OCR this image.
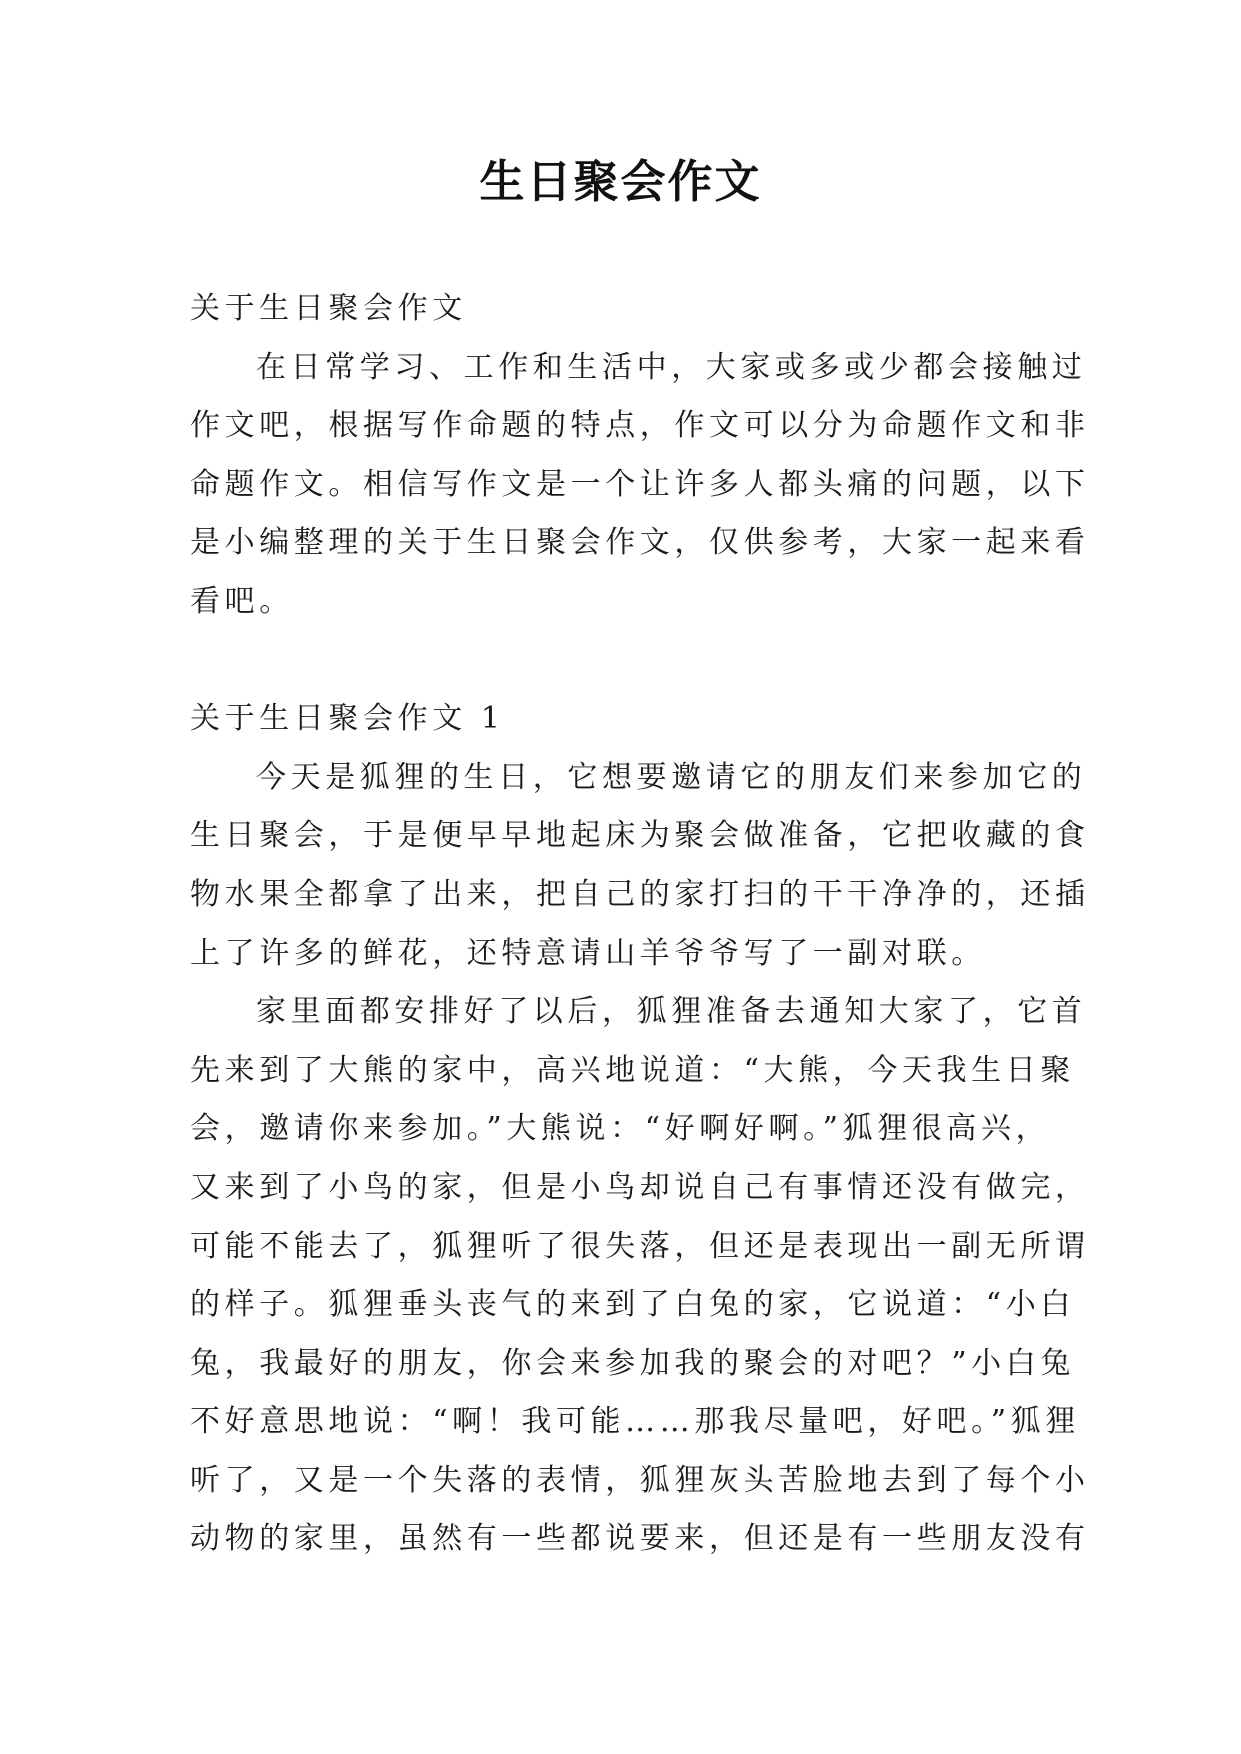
生日聚会作文

关于生日聚会作文

在日常学习、工作和生活中，大家或多或少都会接触过

作文吧，根据写作命题的特点，作文可以分为命题作文和非

命题作文。相信写作文是一个让许多人都头痛的问题，以下

是小编整理的关于生日聚会作文，仅供参考，大家一起来看

看吧。

关于生日聚会作文 1

今天是狐狸的生日，它想要邀请它的朋友们来参加它的

生日聚会，于是便早早地起床为聚会做准备，它把收藏的食

物水果全都拿了出来，把自己的家打扫的干干净净的，还插

上了许多的鲜花，还特意请山羊爷爷写了一副对联。

家里面都安排好了以后，狐狸准备去通知大家了，它首

先来到了大熊的家中，高兴地说道：“大熊，今天我生日聚

会，邀请你来参加。”大熊说：“好啊好啊。”狐狸很高兴，

又来到了小鸟的家，但是小鸟却说自己有事情还没有做完，

可能不能去了，狐狸听了很失落，但还是表现出一副无所谓

的样子。狐狸垂头丧气的来到了白兔的家，它说道：“小白

兔，我最好的朋友，你会来参加我的聚会的对吧？”小白兔

不好意思地说：“啊！我可能……那我尽量吧，好吧。”狐狸

听了，又是一个失落的表情，狐狸灰头苦脸地去到了每个小

动物的家里，虽然有一些都说要来，但还是有一些朋友没有
